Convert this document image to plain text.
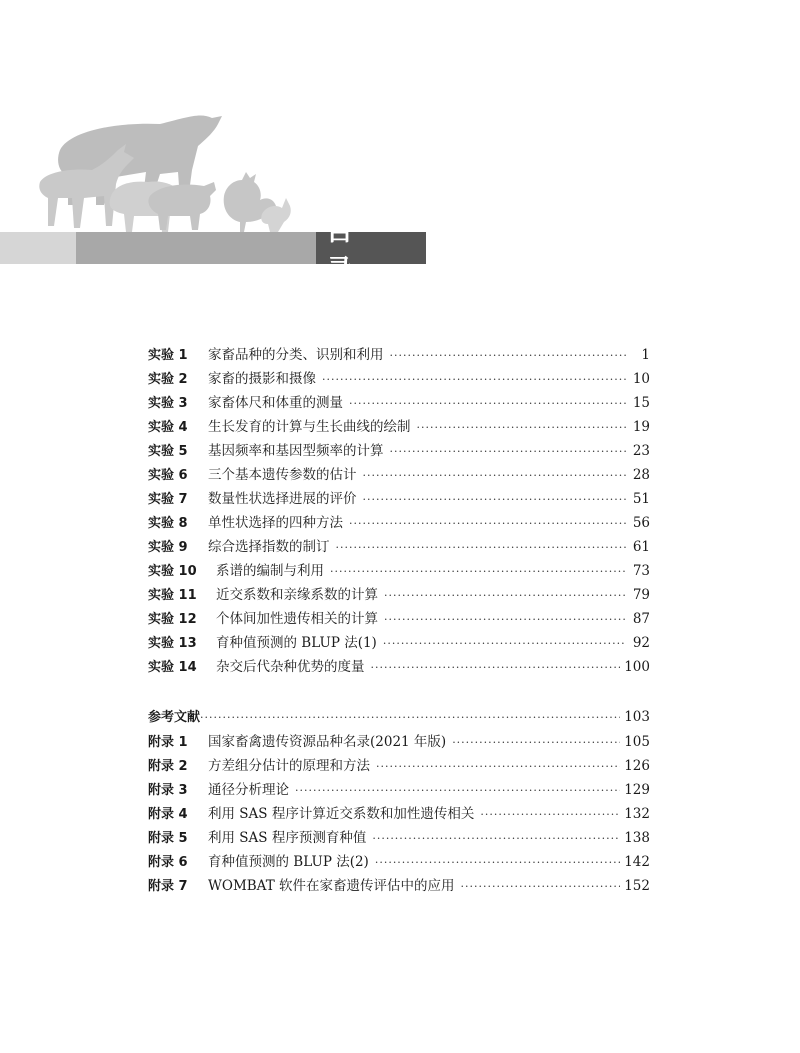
目 录
实验 1	家畜品种的分类、识别和利用 ·····	1
实验 2	家畜的摄影和摄像 ·····	10
实验 3	家畜体尺和体重的测量 ·····	15
实验 4	生长发育的计算与生长曲线的绘制 ·····	19
实验 5	基因频率和基因型频率的计算 ·····	23
实验 6	三个基本遗传参数的估计 ·····	28
实验 7	数量性状选择进展的评价 ·····	51
实验 8	单性状选择的四种方法 ·····	56
实验 9	综合选择指数的制订 ·····	61
实验 10	系谱的编制与利用 ·····	73
实验 11	近交系数和亲缘系数的计算 ·····	79
实验 12	个体间加性遗传相关的计算 ·····	87
实验 13	育种值预测的 BLUP 法(1) ·····	92
实验 14	杂交后代杂种优势的度量 ·····	100
参考文献 ·····	103
附录 1	国家畜禽遗传资源品种名录(2021 年版) ·····	105
附录 2	方差组分估计的原理和方法 ·····	126
附录 3	通径分析理论 ·····	129
附录 4	利用 SAS 程序计算近交系数和加性遗传相关 ·····	132
附录 5	利用 SAS 程序预测育种值 ·····	138
附录 6	育种值预测的 BLUP 法(2) ·····	142
附录 7	WOMBAT 软件在家畜遗传评估中的应用 ·····	152
